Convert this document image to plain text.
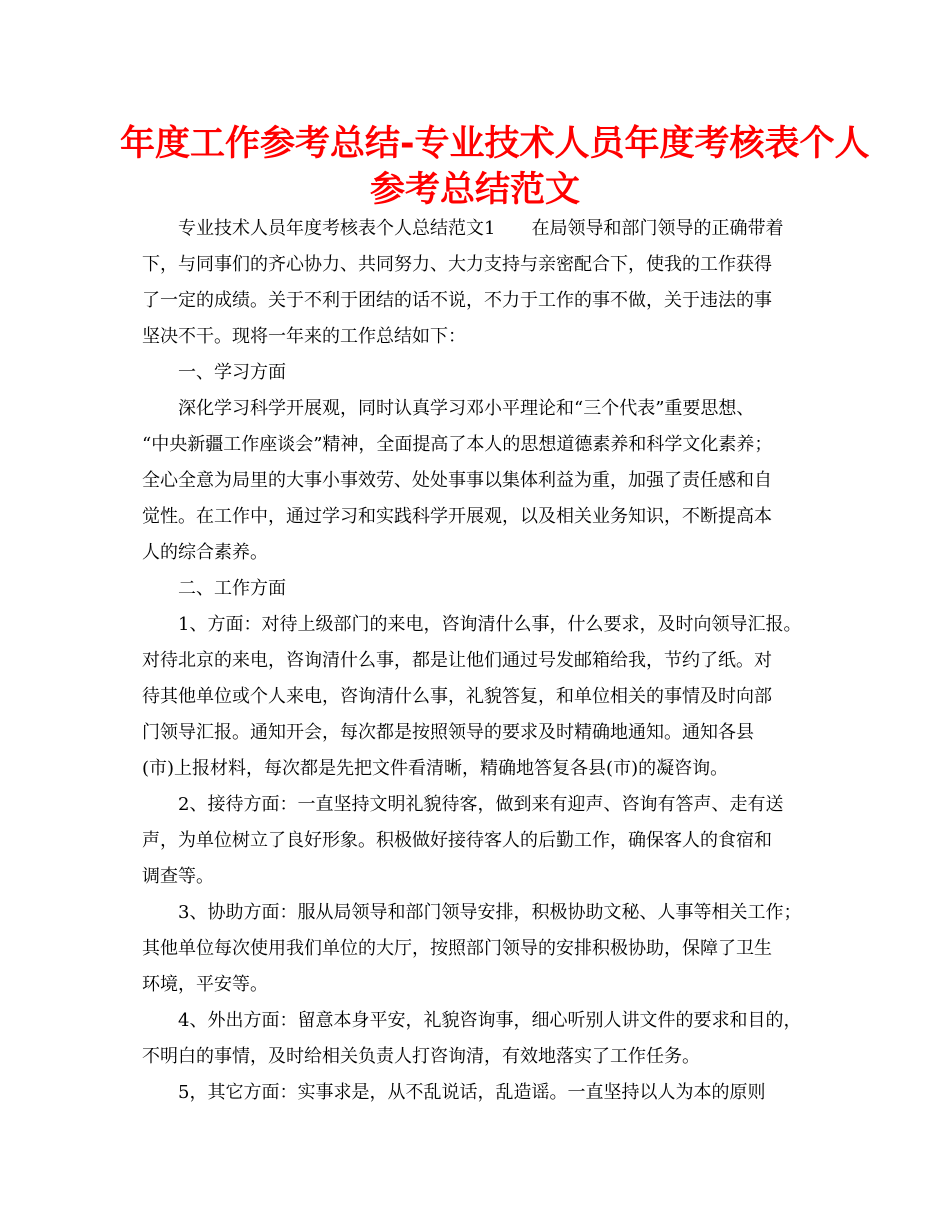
年度工作参考总结-专业技术人员年度考核表个人
参考总结范文

专业技术人员年度考核表个人总结范文1　　在局领导和部门领导的正确带着

下，与同事们的齐心协力、共同努力、大力支持与亲密配合下，使我的工作获得

了一定的成绩。关于不利于团结的话不说，不力于工作的事不做，关于违法的事

坚决不干。现将一年来的工作总结如下：

一、学习方面

深化学习科学开展观，同时认真学习邓小平理论和“三个代表”重要思想、

“中央新疆工作座谈会”精神，全面提高了本人的思想道德素养和科学文化素养；

全心全意为局里的大事小事效劳、处处事事以集体利益为重，加强了责任感和自

觉性。在工作中，通过学习和实践科学开展观，以及相关业务知识，不断提高本

人的综合素养。

二、工作方面

1、方面：对待上级部门的来电，咨询清什么事，什么要求，及时向领导汇报。

对待北京的来电，咨询清什么事，都是让他们通过号发邮箱给我，节约了纸。对

待其他单位或个人来电，咨询清什么事，礼貌答复，和单位相关的事情及时向部

门领导汇报。通知开会，每次都是按照领导的要求及时精确地通知。通知各县

(市)上报材料，每次都是先把文件看清晰，精确地答复各县(市)的凝咨询。

2、接待方面：一直坚持文明礼貌待客，做到来有迎声、咨询有答声、走有送

声，为单位树立了良好形象。积极做好接待客人的后勤工作，确保客人的食宿和

调查等。

3、协助方面：服从局领导和部门领导安排，积极协助文秘、人事等相关工作；

其他单位每次使用我们单位的大厅，按照部门领导的安排积极协助，保障了卫生

环境，平安等。

4、外出方面：留意本身平安，礼貌咨询事，细心听别人讲文件的要求和目的，

不明白的事情，及时给相关负责人打咨询清，有效地落实了工作任务。

5，其它方面：实事求是，从不乱说话，乱造谣。一直坚持以人为本的原则
